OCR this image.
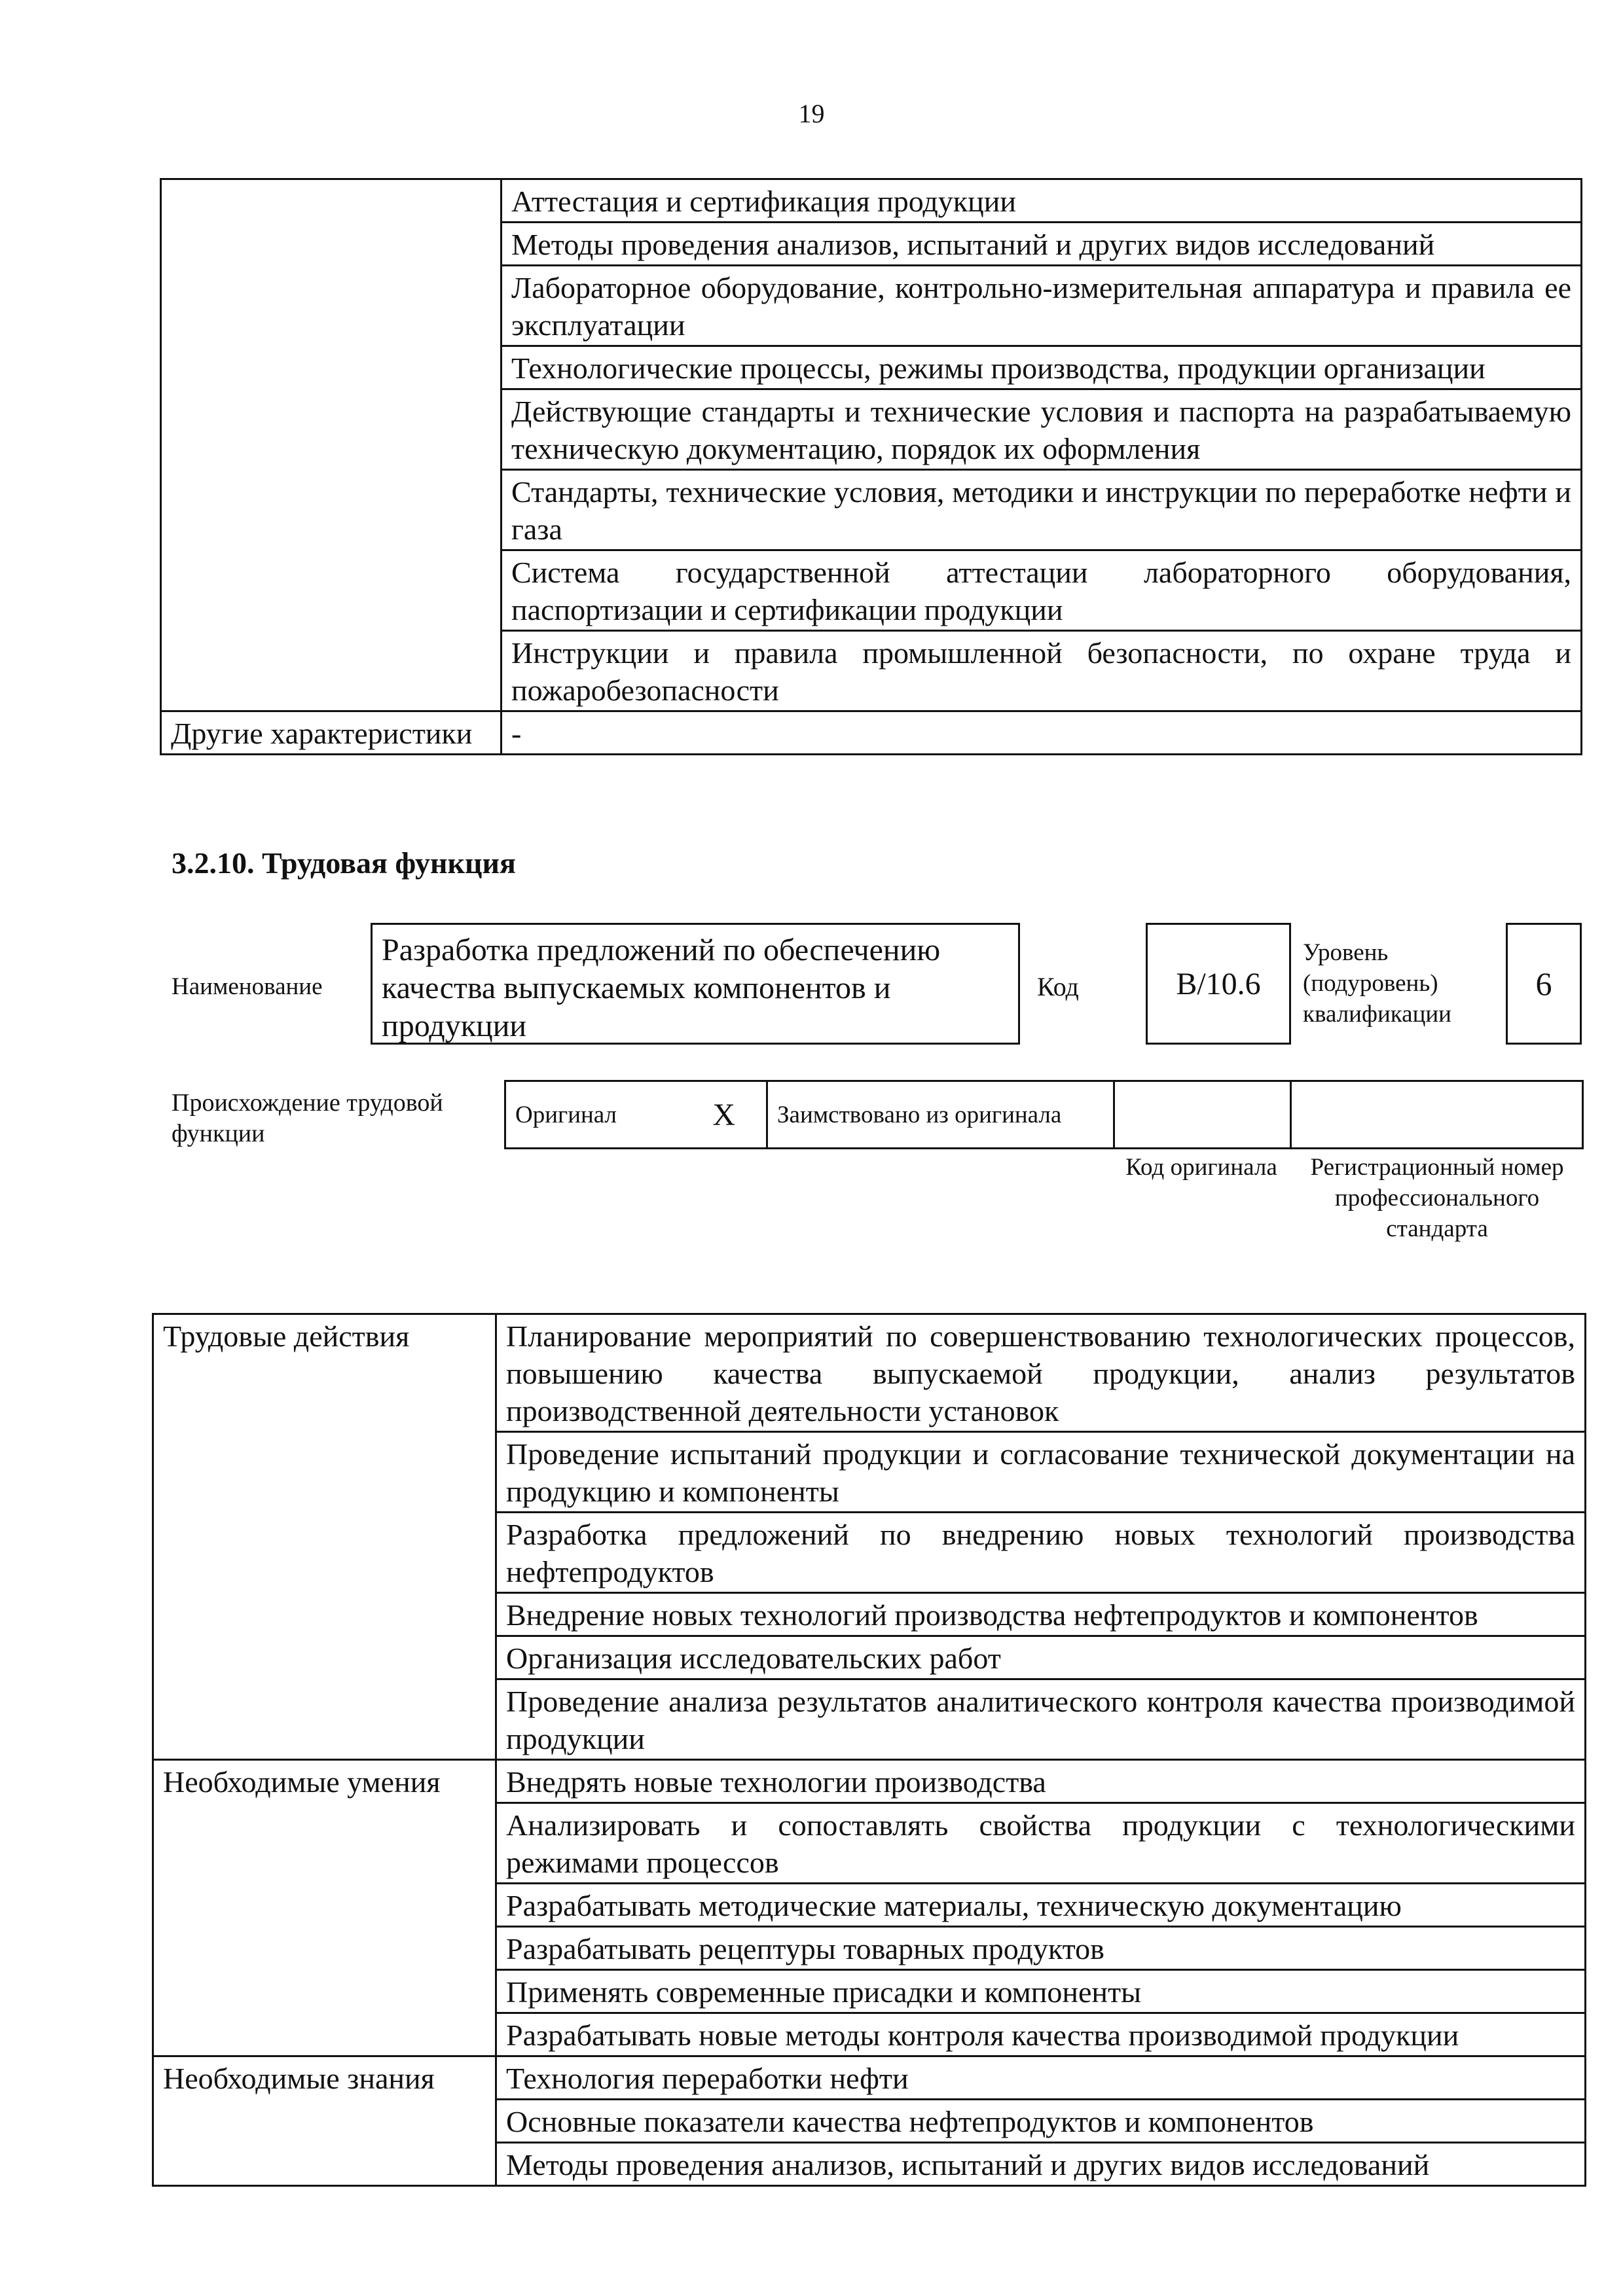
19
	Аттестация и сертификация продукции
	Методы проведения анализов, испытаний и других видов исследований
	Лабораторное оборудование, контрольно-измерительная аппаратура и правила ее эксплуатации
	Технологические процессы, режимы производства, продукции организации
	Действующие стандарты и технические условия и паспорта на разрабатываемую техническую документацию, порядок их оформления
	Стандарты, технические условия, методики и инструкции по переработке нефти и газа
	Система государственной аттестации лабораторного оборудования, паспортизации и сертификации продукции
	Инструкции и правила промышленной безопасности, по охране труда и пожаробезопасности
Другие характеристики	-
3.2.10. Трудовая функция
Наименование
Разработка предложений по обеспечению качества выпускаемых компонентов и продукции
Код	B/10.6
Уровень (подуровень) квалификации
6
Происхождение трудовой функции
Оригинал	X	Заимствовано из оригинала		
Код оригинала	Регистрационный номер профессионального стандарта
Трудовые действия	Планирование мероприятий по совершенствованию технологических процессов, повышению качества выпускаемой продукции, анализ результатов производственной деятельности установок
	Проведение испытаний продукции и согласование технической документации на продукцию и компоненты
	Разработка предложений по внедрению новых технологий производства нефтепродуктов
	Внедрение новых технологий производства нефтепродуктов и компонентов
	Организация исследовательских работ
	Проведение анализа результатов аналитического контроля качества производимой продукции
Необходимые умения	Внедрять новые технологии производства
	Анализировать и сопоставлять свойства продукции с технологическими режимами процессов
	Разрабатывать методические материалы, техническую документацию
	Разрабатывать рецептуры товарных продуктов
	Применять современные присадки и компоненты
	Разрабатывать новые методы контроля качества производимой продукции
Необходимые знания	Технология переработки нефти
	Основные показатели качества нефтепродуктов и компонентов
	Методы проведения анализов, испытаний и других видов исследований
